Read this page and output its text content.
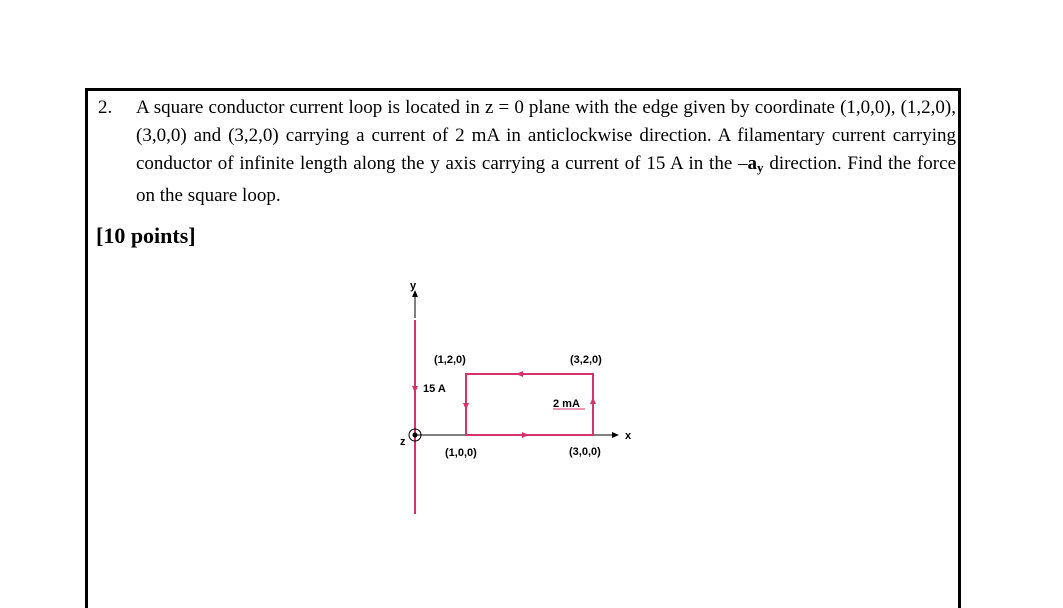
2. A square conductor current loop is located in z = 0 plane with the edge given by coordinate (1,0,0), (1,2,0), (3,0,0) and (3,2,0) carrying a current of 2 mA in anticlockwise direction. A filamentary current carrying conductor of infinite length along the y axis carrying a current of 15 A in the $-a_y$ direction. Find the force on the square loop.
[10 points]
y
15 A
x
z
2 mA
(1,2,0)	(3,2,0)
(1,0,0)	(3,0,0)
